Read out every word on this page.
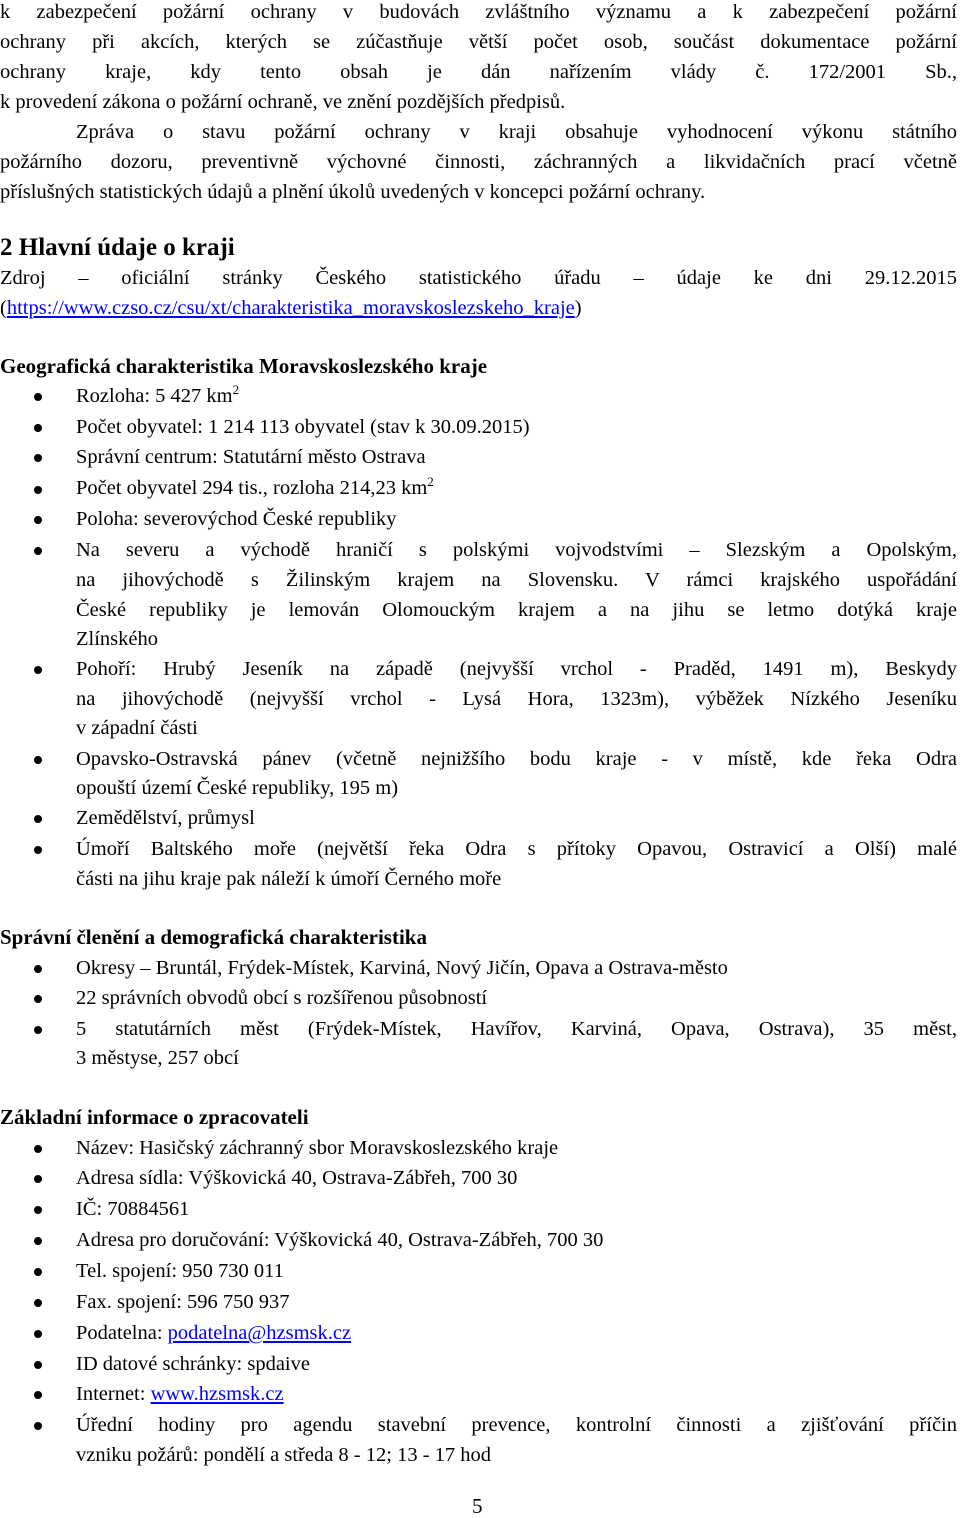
k zabezpečení požární ochrany v budovách zvláštního významu a k zabezpečení požární
ochrany při akcích, kterých se zúčastňuje větší počet osob, součást dokumentace požární
ochrany kraje, kdy tento obsah je dán nařízením vlády č. 172/2001 Sb.,
k provedení zákona o požární ochraně, ve znění pozdějších předpisů.
Zpráva o stavu požární ochrany v kraji obsahuje vyhodnocení výkonu státního
požárního dozoru, preventivně výchovné činnosti, záchranných a likvidačních prací včetně
příslušných statistických údajů a plnění úkolů uvedených v koncepci požární ochrany.
2 Hlavní údaje o kraji
Zdroj – oficiální stránky Českého statistického úřadu – údaje ke dni 29.12.2015
(https://www.czso.cz/csu/xt/charakteristika_moravskoslezskeho_kraje)
Geografická charakteristika Moravskoslezského kraje
Rozloha: 5 427 $km^2$
Počet obyvatel: 1 214 113 obyvatel (stav k 30.09.2015)
Správní centrum: Statutární město Ostrava
Počet obyvatel 294 tis., rozloha 214,23 $km^2$
Poloha: severovýchod České republiky
Na severu a východě hraničí s polskými vojvodstvími – Slezským a Opolským,
na jihovýchodě s Žilinským krajem na Slovensku. V rámci krajského uspořádání
České republiky je lemován Olomouckým krajem a na jihu se letmo dotýká kraje
Zlínského
Pohoří: Hrubý Jeseník na západě (nejvyšší vrchol - Praděd, 1491 m), Beskydy
na jihovýchodě (nejvyšší vrchol - Lysá Hora, 1323m), výběžek Nízkého Jeseníku
v západní části
Opavsko-Ostravská pánev (včetně nejnižšího bodu kraje - v místě, kde řeka Odra
opouští území České republiky, 195 m)
Zemědělství, průmysl
Úmoří Baltského moře (největší řeka Odra s přítoky Opavou, Ostravicí a Olší) malé
části na jihu kraje pak náleží k úmoří Černého moře
Správní členění a demografická charakteristika
Okresy – Bruntál, Frýdek-Místek, Karviná, Nový Jičín, Opava a Ostrava-město
22 správních obvodů obcí s rozšířenou působností
5 statutárních měst (Frýdek-Místek, Havířov, Karviná, Opava, Ostrava), 35 měst,
3 městyse, 257 obcí
Základní informace o zpracovateli
Název: Hasičský záchranný sbor Moravskoslezského kraje
Adresa sídla: Výškovická 40, Ostrava-Zábřeh, 700 30
IČ: 70884561
Adresa pro doručování: Výškovická 40, Ostrava-Zábřeh, 700 30
Tel. spojení: 950 730 011
Fax. spojení: 596 750 937
Podatelna: podatelna@hzsmsk.cz
ID datové schránky: spdaive
Internet: www.hzsmsk.cz
Úřední hodiny pro agendu stavební prevence, kontrolní činnosti a zjišťování příčin
vzniku požárů: pondělí a středa 8 - 12; 13 - 17 hod
5
